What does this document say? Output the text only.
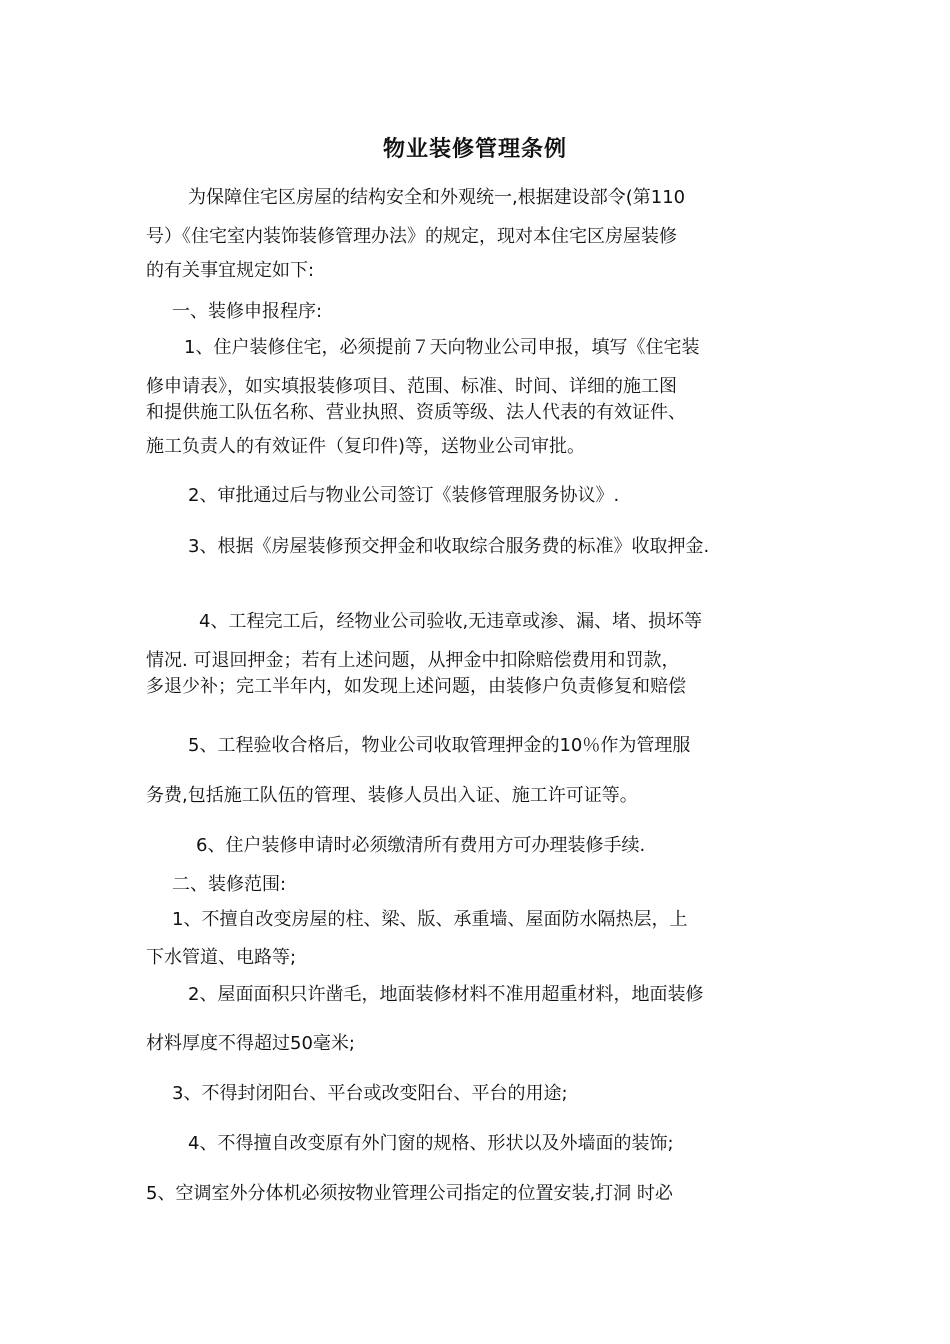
物业装修管理条例
为保障住宅区房屋的结构安全和外观统一,根据建设部令(第110
号）《住宅室内装饰装修管理办法》的规定，现对本住宅区房屋装修
的有关事宜规定如下:
一、装修申报程序:
1、住户装修住宅，必须提前７天向物业公司申报，填写《住宅装
修申请表》，如实填报装修项目、范围、标准、时间、详细的施工图
和提供施工队伍名称、营业执照、资质等级、法人代表的有效证件、
施工负责人的有效证件（复印件)等，送物业公司审批。
2、审批通过后与物业公司签订《装修管理服务协议》.
3、根据《房屋装修预交押金和收取综合服务费的标准》收取押金.
4、工程完工后，经物业公司验收,无违章或渗、漏、堵、损坏等
情况. 可退回押金；若有上述问题，从押金中扣除赔偿费用和罚款，
多退少补；完工半年内，如发现上述问题，由装修户负责修复和赔偿
5、工程验收合格后，物业公司收取管理押金的10％作为管理服
务费,包括施工队伍的管理、装修人员出入证、施工许可证等。
6、住户装修申请时必须缴清所有费用方可办理装修手续.
二、装修范围:
1、不擅自改变房屋的柱、梁、版、承重墙、屋面防水隔热层，上
下水管道、电路等;
2、屋面面积只许凿毛，地面装修材料不准用超重材料，地面装修
材料厚度不得超过50毫米;
3、不得封闭阳台、平台或改变阳台、平台的用途;
4、不得擅自改变原有外门窗的规格、形状以及外墙面的装饰;
5、空调室外分体机必须按物业管理公司指定的位置安装,打洞 时必
